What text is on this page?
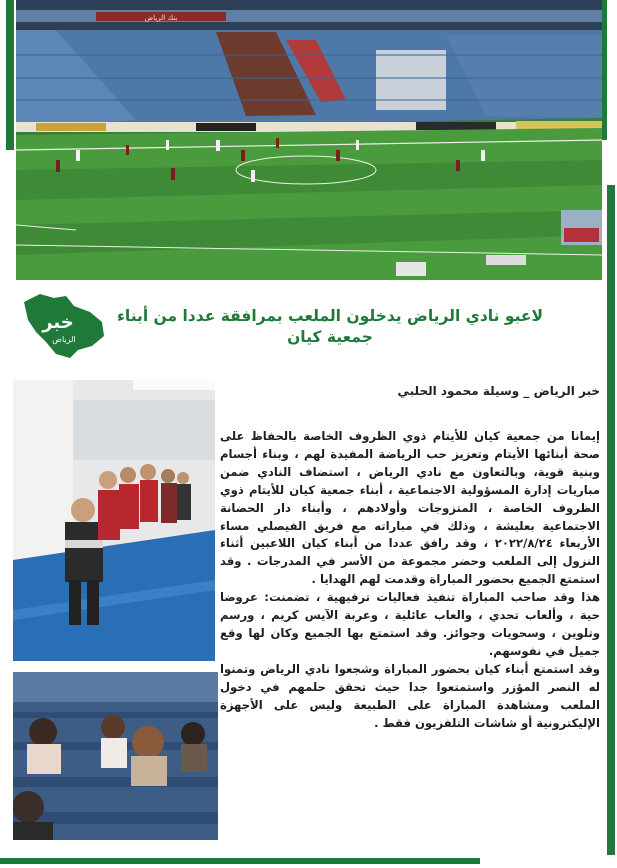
بنك الرياض
خبر
الرياض
لاعبو نادي الرياض يدخلون الملعب بمرافقة عددا من أبناء جمعية كيان
خبر الرياض _ وسيلة محمود الحلبي

إيمانا من جمعية كيان للأيتام ذوي الظروف الخاصة بالحفاظ على صحة أبنائها الأيتام وتعزيز حب الرياضة المفيدة لهم ، وبناء أجسام وبنية قوية، وبالتعاون مع نادي الرياض ، استضاف النادي ضمن مباريات إدارة المسؤولية الاجتماعية ، أبناء جمعية كيان للأيتام ذوي الظروف الخاصة ، المتزوجات وأولادهم ، وأبناء دار الحضانة الاجتماعية بعليشة ، وذلك في مباراته مع فريق الفيصلي مساء الأربعاء ٢٠٢٢/٨/٢٤ ، وقد رافق عددا من أبناء كيان اللاعبين أثناء النزول إلى الملعب وحضر مجموعة من الأسر في المدرجات . وقد استمتع الجميع بحضور المباراة وقدمت لهم الهدايا .

هذا وقد صاحب المباراة تنفيذ فعاليات ترفيهية ، تضمنت: عروضا حية ، وألعاب تحدي ، والعاب عائلية ، وعربة الآيس كريم ، ورسم وتلوين ، وسحويات وجوائز. وقد استمتع بها الجميع وكان لها وقع جميل في نفوسهم.

وقد استمتع أبناء كيان بحضور المباراة وشجعوا نادي الرياض وتمنوا له النصر المؤزر واستمتعوا جدا حيث تحقق حلمهم في دخول الملعب ومشاهدة المباراة على الطبيعة وليس على الأجهزة الإليكترونية أو شاشات التلفزيون فقط .
